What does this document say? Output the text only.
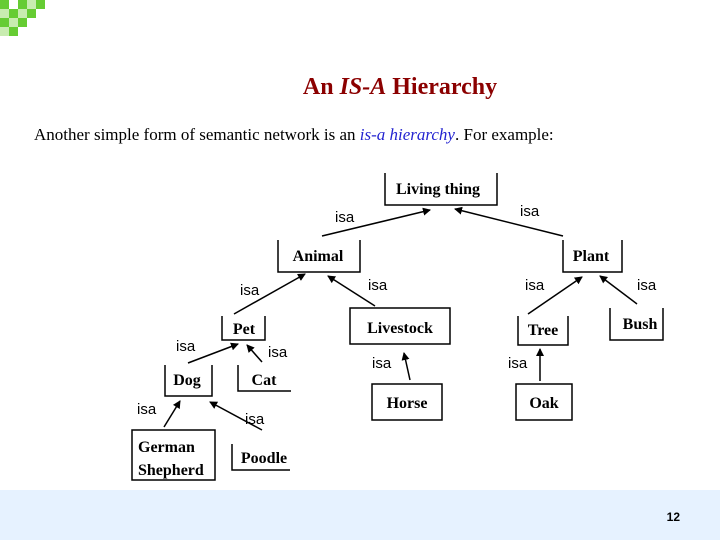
An IS-A Hierarchy
Another simple form of semantic network is an is-a hierarchy. For example:
Living thing
Animal	Plant
Pet	Livestock	Tree	Bush
Dog	Cat
Horse	Oak
German
Shepherd
Poodle
isa	isa
isa	isa	isa	isa
isa	isa
isa	isa
isa
isa
12
